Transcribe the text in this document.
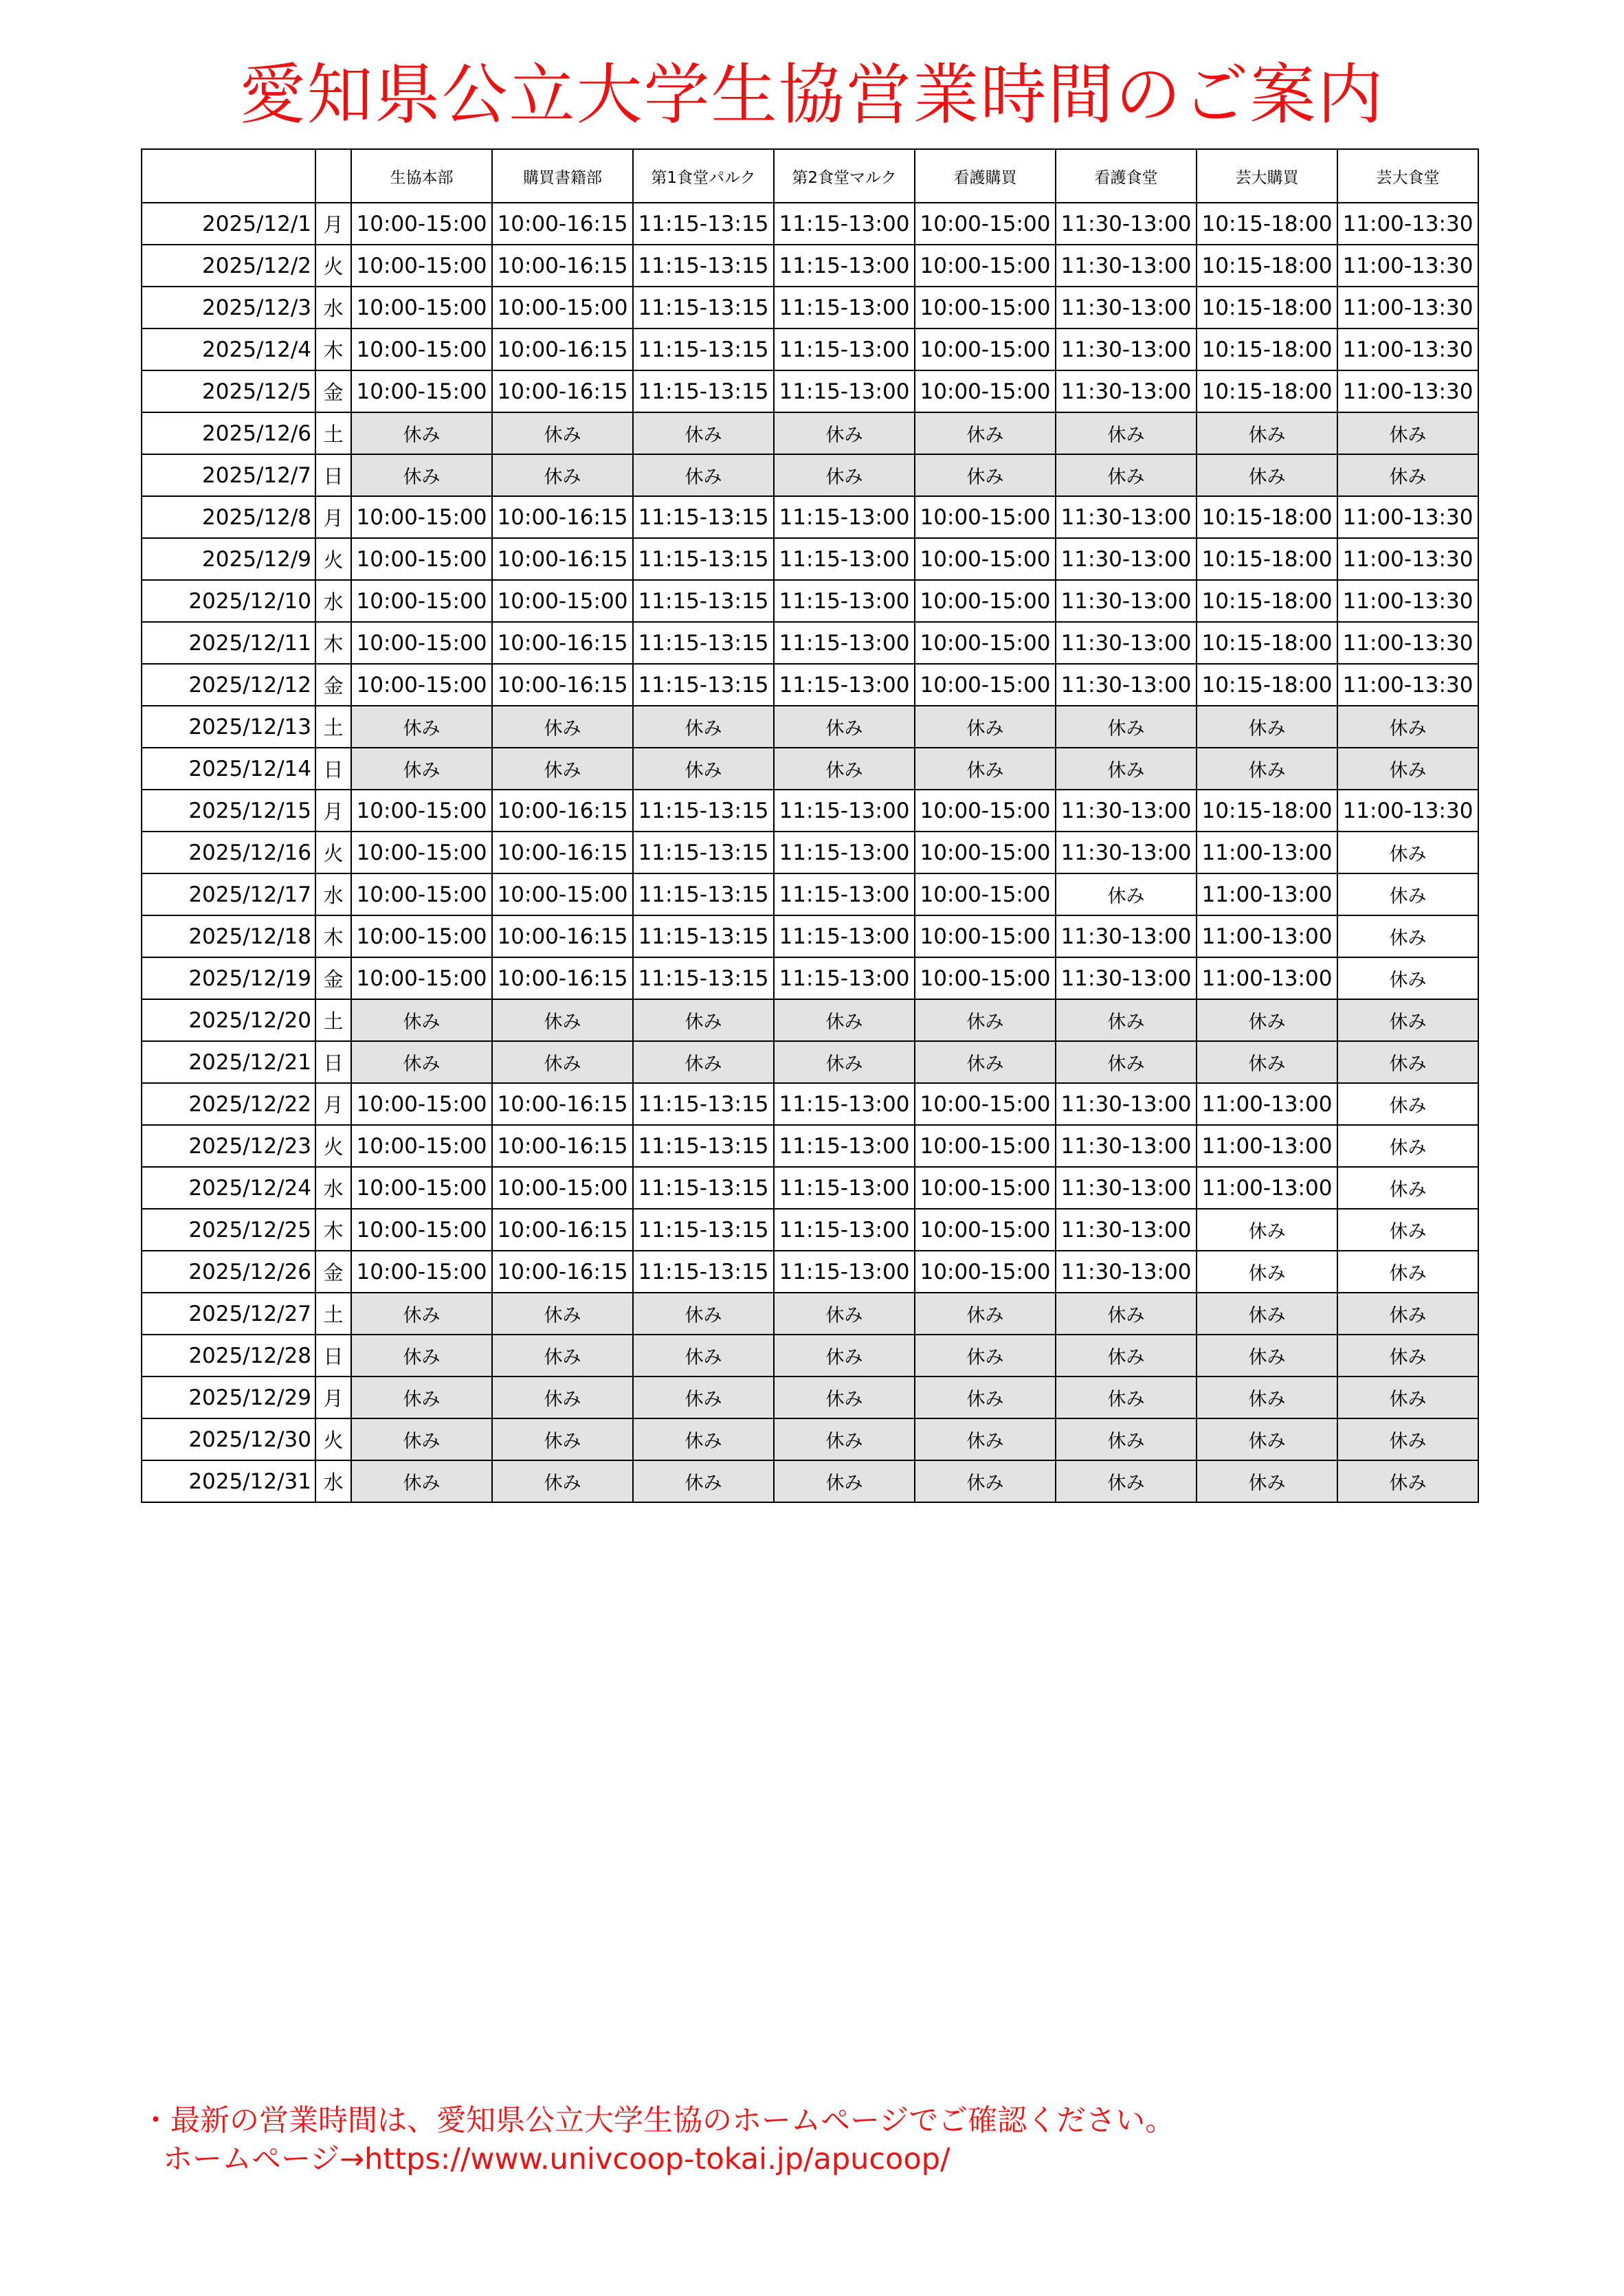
愛知県公立大学生協営業時間のご案内
		生協本部	購買書籍部	第1食堂パルク	第2食堂マルク	看護購買	看護食堂	芸大購買	芸大食堂
2025/12/1	月	10:00-15:00	10:00-16:15	11:15-13:15	11:15-13:00	10:00-15:00	11:30-13:00	10:15-18:00	11:00-13:30
2025/12/2	火	10:00-15:00	10:00-16:15	11:15-13:15	11:15-13:00	10:00-15:00	11:30-13:00	10:15-18:00	11:00-13:30
2025/12/3	水	10:00-15:00	10:00-15:00	11:15-13:15	11:15-13:00	10:00-15:00	11:30-13:00	10:15-18:00	11:00-13:30
2025/12/4	木	10:00-15:00	10:00-16:15	11:15-13:15	11:15-13:00	10:00-15:00	11:30-13:00	10:15-18:00	11:00-13:30
2025/12/5	金	10:00-15:00	10:00-16:15	11:15-13:15	11:15-13:00	10:00-15:00	11:30-13:00	10:15-18:00	11:00-13:30
2025/12/6	土	休み	休み	休み	休み	休み	休み	休み	休み
2025/12/7	日	休み	休み	休み	休み	休み	休み	休み	休み
2025/12/8	月	10:00-15:00	10:00-16:15	11:15-13:15	11:15-13:00	10:00-15:00	11:30-13:00	10:15-18:00	11:00-13:30
2025/12/9	火	10:00-15:00	10:00-16:15	11:15-13:15	11:15-13:00	10:00-15:00	11:30-13:00	10:15-18:00	11:00-13:30
2025/12/10	水	10:00-15:00	10:00-15:00	11:15-13:15	11:15-13:00	10:00-15:00	11:30-13:00	10:15-18:00	11:00-13:30
2025/12/11	木	10:00-15:00	10:00-16:15	11:15-13:15	11:15-13:00	10:00-15:00	11:30-13:00	10:15-18:00	11:00-13:30
2025/12/12	金	10:00-15:00	10:00-16:15	11:15-13:15	11:15-13:00	10:00-15:00	11:30-13:00	10:15-18:00	11:00-13:30
2025/12/13	土	休み	休み	休み	休み	休み	休み	休み	休み
2025/12/14	日	休み	休み	休み	休み	休み	休み	休み	休み
2025/12/15	月	10:00-15:00	10:00-16:15	11:15-13:15	11:15-13:00	10:00-15:00	11:30-13:00	10:15-18:00	11:00-13:30
2025/12/16	火	10:00-15:00	10:00-16:15	11:15-13:15	11:15-13:00	10:00-15:00	11:30-13:00	11:00-13:00	休み
2025/12/17	水	10:00-15:00	10:00-15:00	11:15-13:15	11:15-13:00	10:00-15:00	休み	11:00-13:00	休み
2025/12/18	木	10:00-15:00	10:00-16:15	11:15-13:15	11:15-13:00	10:00-15:00	11:30-13:00	11:00-13:00	休み
2025/12/19	金	10:00-15:00	10:00-16:15	11:15-13:15	11:15-13:00	10:00-15:00	11:30-13:00	11:00-13:00	休み
2025/12/20	土	休み	休み	休み	休み	休み	休み	休み	休み
2025/12/21	日	休み	休み	休み	休み	休み	休み	休み	休み
2025/12/22	月	10:00-15:00	10:00-16:15	11:15-13:15	11:15-13:00	10:00-15:00	11:30-13:00	11:00-13:00	休み
2025/12/23	火	10:00-15:00	10:00-16:15	11:15-13:15	11:15-13:00	10:00-15:00	11:30-13:00	11:00-13:00	休み
2025/12/24	水	10:00-15:00	10:00-15:00	11:15-13:15	11:15-13:00	10:00-15:00	11:30-13:00	11:00-13:00	休み
2025/12/25	木	10:00-15:00	10:00-16:15	11:15-13:15	11:15-13:00	10:00-15:00	11:30-13:00	休み	休み
2025/12/26	金	10:00-15:00	10:00-16:15	11:15-13:15	11:15-13:00	10:00-15:00	11:30-13:00	休み	休み
2025/12/27	土	休み	休み	休み	休み	休み	休み	休み	休み
2025/12/28	日	休み	休み	休み	休み	休み	休み	休み	休み
2025/12/29	月	休み	休み	休み	休み	休み	休み	休み	休み
2025/12/30	火	休み	休み	休み	休み	休み	休み	休み	休み
2025/12/31	水	休み	休み	休み	休み	休み	休み	休み	休み
・最新の営業時間は、愛知県公立大学生協のホームページでご確認ください。
ホームページ→https://www.univcoop-tokai.jp/apucoop/
